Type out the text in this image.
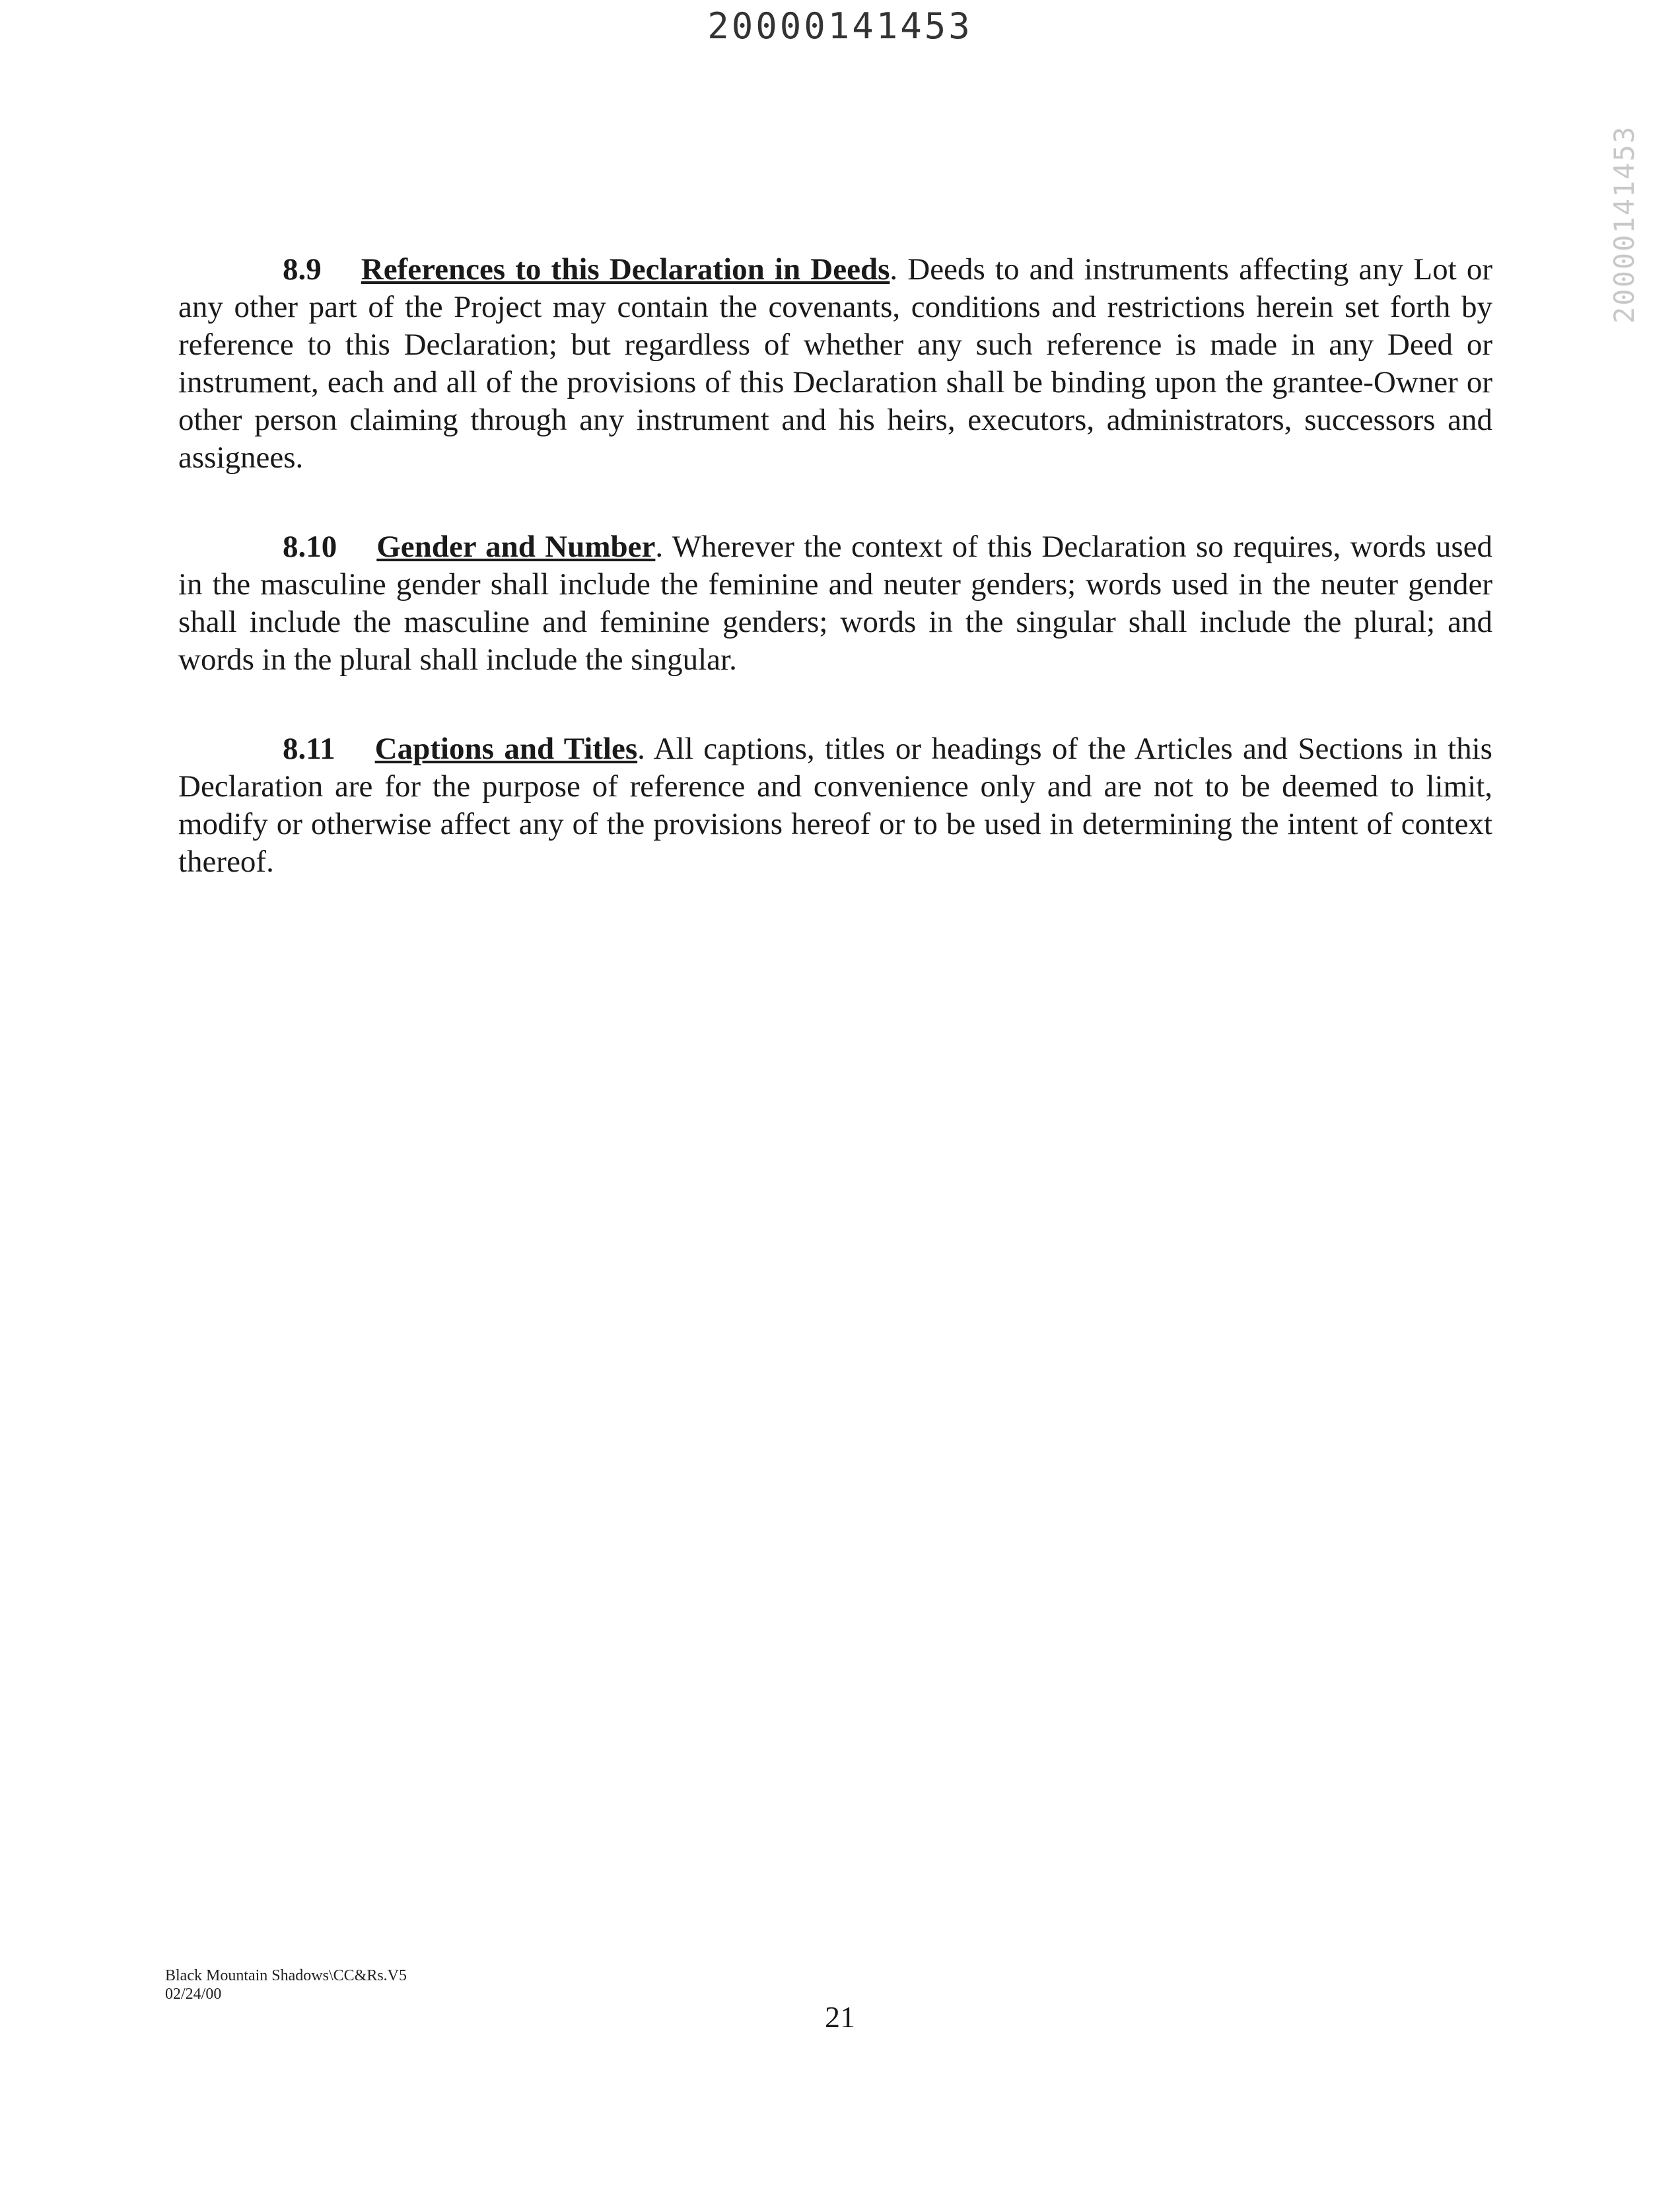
20000141453
20000141453

8.9 References to this Declaration in Deeds. Deeds to and instruments affecting any Lot or any other part of the Project may contain the covenants, conditions and restrictions herein set forth by reference to this Declaration; but regardless of whether any such reference is made in any Deed or instrument, each and all of the provisions of this Declaration shall be binding upon the grantee-Owner or other person claiming through any instrument and his heirs, executors, administrators, successors and assignees.

8.10 Gender and Number. Wherever the context of this Declaration so requires, words used in the masculine gender shall include the feminine and neuter genders; words used in the neuter gender shall include the masculine and feminine genders; words in the singular shall include the plural; and words in the plural shall include the singular.

8.11 Captions and Titles. All captions, titles or headings of the Articles and Sections in this Declaration are for the purpose of reference and convenience only and are not to be deemed to limit, modify or otherwise affect any of the provisions hereof or to be used in determining the intent of context thereof.

Black Mountain Shadows\CC&Rs.V5
02/24/00
21
